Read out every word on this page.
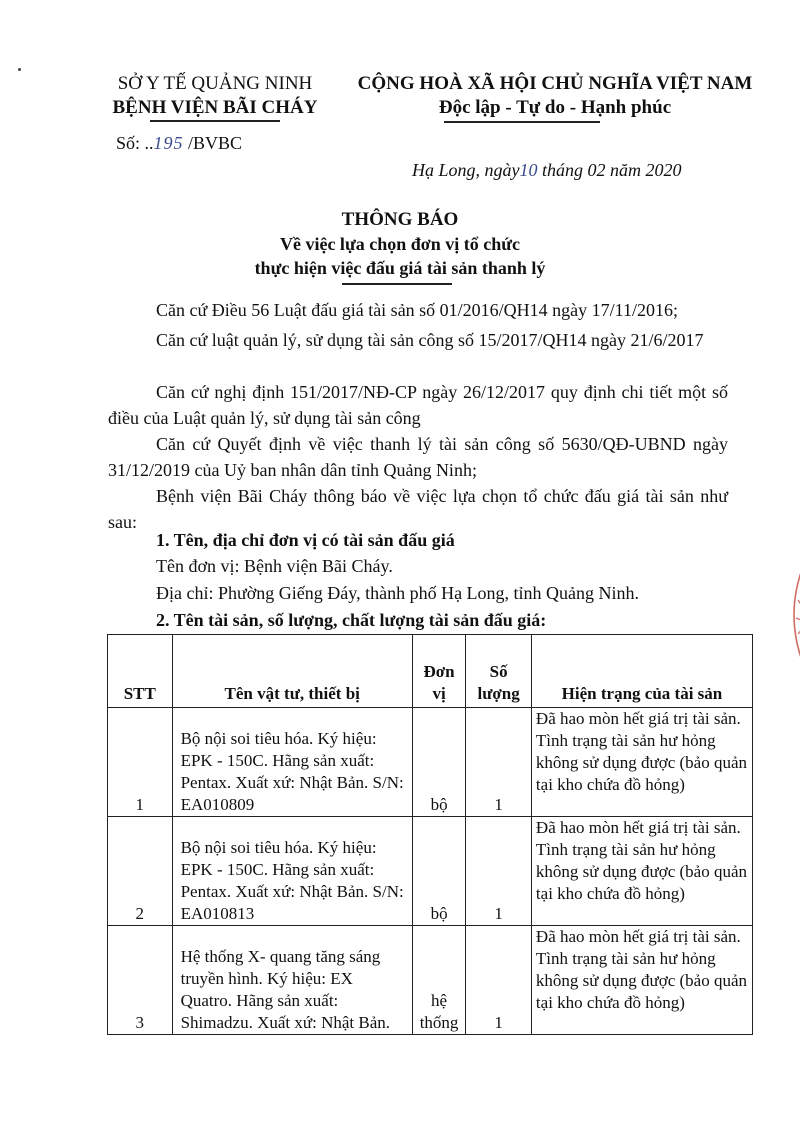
SỞ Y TẾ QUẢNG NINH
BỆNH VIỆN BÃI CHÁY
CỘNG HOÀ XÃ HỘI CHỦ NGHĨA VIỆT NAM
Độc lập - Tự do - Hạnh phúc
Số: ..195 /BVBC
Hạ Long, ngày10 tháng 02 năm 2020
THÔNG BÁO
Về việc lựa chọn đơn vị tổ chức
thực hiện việc đấu giá tài sản thanh lý
Căn cứ Điều 56 Luật đấu giá tài sản số 01/2016/QH14 ngày 17/11/2016;
Căn cứ luật quản lý, sử dụng tài sản công số 15/2017/QH14 ngày 21/6/2017
Căn cứ nghị định 151/2017/NĐ-CP ngày 26/12/2017 quy định chi tiết một số điều của Luật quản lý, sử dụng tài sản công
Căn cứ Quyết định về việc thanh lý tài sản công số 5630/QĐ-UBND ngày 31/12/2019 của Uỷ ban nhân dân tỉnh Quảng Ninh;
Bệnh viện Bãi Cháy thông báo về việc lựa chọn tổ chức đấu giá tài sản như sau:
1. Tên, địa chỉ đơn vị có tài sản đấu giá
Tên đơn vị: Bệnh viện Bãi Cháy.
Địa chỉ: Phường Giếng Đáy, thành phố Hạ Long, tỉnh Quảng Ninh.
2. Tên tài sản, số lượng, chất lượng tài sản đấu giá:
STT	Tên vật tư, thiết bị	Đơn vị	Số lượng	Hiện trạng của tài sản
1	Bộ nội soi tiêu hóa. Ký hiệu: EPK - 150C. Hãng sản xuất: Pentax. Xuất xứ: Nhật Bản. S/N: EA010809	bộ	1	Đã hao mòn hết giá trị tài sản. Tình trạng tài sản hư hỏng không sử dụng được (bảo quản tại kho chứa đồ hỏng)
2	Bộ nội soi tiêu hóa. Ký hiệu: EPK - 150C. Hãng sản xuất: Pentax. Xuất xứ: Nhật Bản. S/N: EA010813	bộ	1	Đã hao mòn hết giá trị tài sản. Tình trạng tài sản hư hỏng không sử dụng được (bảo quản tại kho chứa đồ hỏng)
3	Hệ thống X- quang tăng sáng truyền hình. Ký hiệu: EX Quatro. Hãng sản xuất: Shimadzu. Xuất xứ: Nhật Bản.	hệ thống	1	Đã hao mòn hết giá trị tài sản. Tình trạng tài sản hư hỏng không sử dụng được (bảo quản tại kho chứa đồ hỏng)
